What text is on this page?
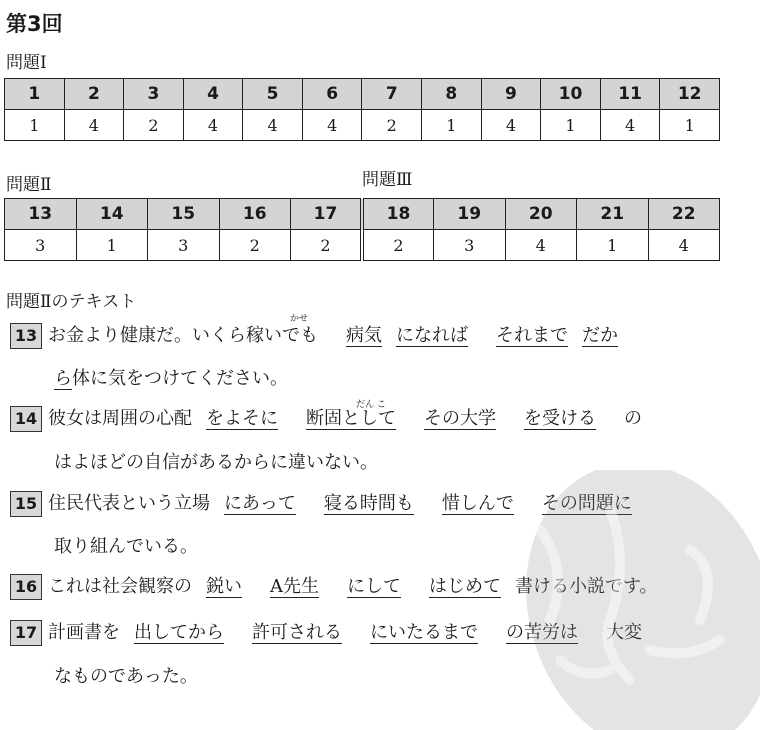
第3回
問題Ⅰ
1	2	3	4	5	6	7	8	9	10	11	12
1	4	2	4	4	4	2	1	4	1	4	1
問題Ⅱ	問題Ⅲ
13	14	15	16	17	18	19	20	21	22
3	1	3	2	2	2	3	4	1	4
問題Ⅱのテキスト
かせ
13 お金より健康だ。いくら稼いでも 病気 になれば それまで だか
ら体に気をつけてください。
だん こ
14 彼女は周囲の心配 をよそに 断固として その大学 を受ける の
はよほどの自信があるからに違いない。
15 住民代表という立場 にあって 寝る時間も 惜しんで その問題に
取り組んでいる。
16 これは社会観察の 鋭い A先生 にして はじめて 書ける小説です。
17 計画書を 出してから 許可される にいたるまで の苦労は 大変
なものであった。
